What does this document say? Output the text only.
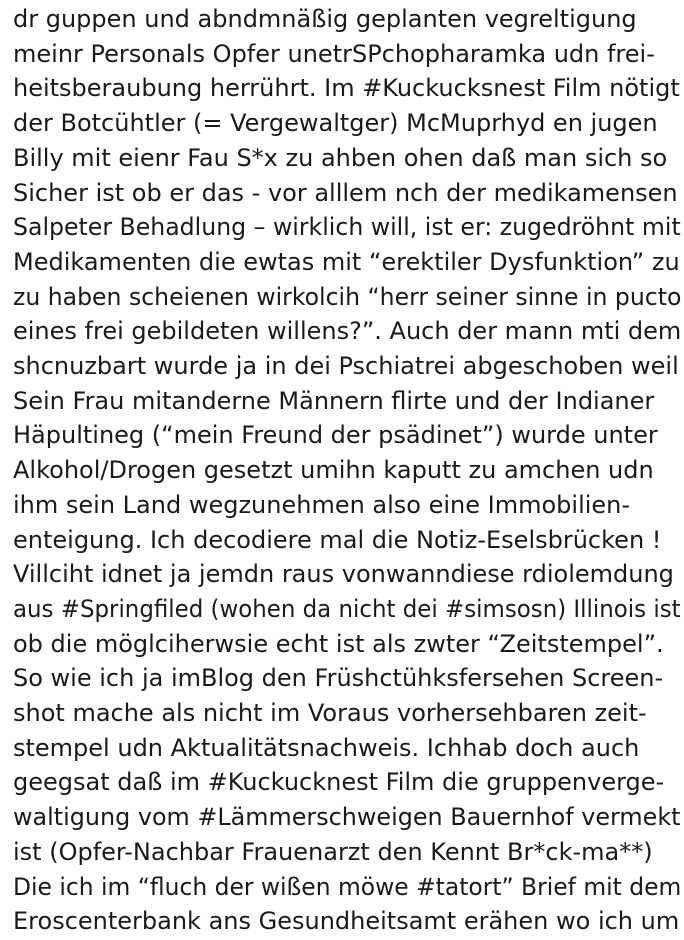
dr guppen und abndmnäßig geplanten vegreltigung
meinr Personals Opfer unetrSPchopharamka udn frei-
heitsberaubung herrührt. Im #Kuckucksnest Film nötigt
der Botcühtler (= Vergewaltger) McMuprhyd en jugen
Billy mit eienr Fau S*x zu ahben ohen daß man sich so
Sicher ist ob er das - vor alllem nch der medikamensen
Salpeter Behadlung – wirklich will, ist er: zugedröhnt mit
Medikamenten die ewtas mit “erektiler Dysfunktion” zu
zu haben scheienen wirkolcih “herr seiner sinne in pucto
eines frei gebildeten willens?”. Auch der mann mti dem
shcnuzbart wurde ja in dei Pschiatrei abgeschoben weil
Sein Frau mitanderne Männern flirte und der Indianer
Häpultineg (“mein Freund der psädinet”) wurde unter
Alkohol/Drogen gesetzt umihn kaputt zu amchen udn
ihm sein Land wegzunehmen also eine Immobilien-
enteigung. Ich decodiere mal die Notiz-Eselsbrücken !
Villciht idnet ja jemdn raus vonwanndiese rdiolemdung
aus #Springfiled (wohen da nicht dei #simsosn) Illinois ist
ob die möglciherwsie echt ist als zwter “Zeitstempel”.
So wie ich ja imBlog den Früshctühksfersehen Screen-
shot mache als nicht im Voraus vorhersehbaren zeit-
stempel udn Aktualitätsnachweis. Ichhab doch auch
geegsat daß im #Kuckucknest Film die gruppenverge-
waltigung vom #Lämmerschweigen Bauernhof vermekt
ist (Opfer-Nachbar Frauenarzt den Kennt Br*ck-ma**)
Die ich im “fluch der wißen möwe #tatort” Brief mit dem
Eroscenterbank ans Gesundheitsamt erähen wo ich um
